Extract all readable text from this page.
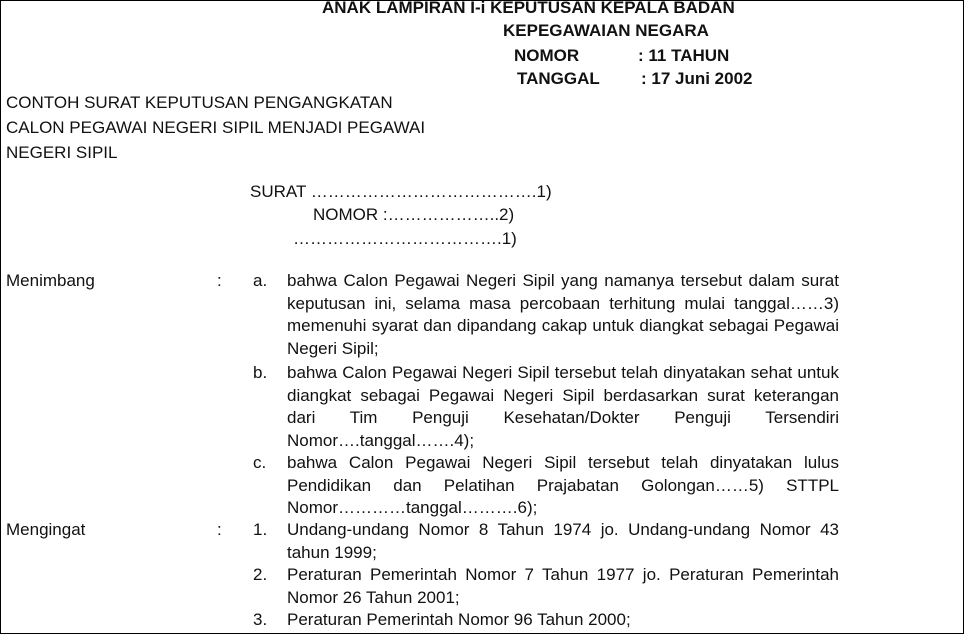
ANAK LAMPIRAN I-i KEPUTUSAN KEPALA BADAN
KEPEGAWAIAN NEGARA
NOMOR	: 11 TAHUN
TANGGAL : 17 Juni 2002
CONTOH SURAT KEPUTUSAN PENGANGKATAN
CALON PEGAWAI NEGERI SIPIL MENJADI PEGAWAI
NEGERI SIPIL
SURAT ………………………………….1)
NOMOR :………………..2)
……………………………….1)
Menimbang	: a. bahwa Calon Pegawai Negeri Sipil yang namanya tersebut dalam surat keputusan ini, selama masa percobaan terhitung mulai tanggal……3) memenuhi syarat dan dipandang cakap untuk diangkat sebagai Pegawai Negeri Sipil;
b. bahwa Calon Pegawai Negeri Sipil tersebut telah dinyatakan sehat untuk diangkat sebagai Pegawai Negeri Sipil berdasarkan surat keterangan dari Tim Penguji Kesehatan/Dokter Penguji Tersendiri Nomor….tanggal…….4);
c. bahwa Calon Pegawai Negeri Sipil tersebut telah dinyatakan lulus Pendidikan dan Pelatihan Prajabatan Golongan……5) STTPL Nomor…………tanggal……….6);
Mengingat	: 1. Undang-undang Nomor 8 Tahun 1974 jo. Undang-undang Nomor 43 tahun 1999;
2. Peraturan Pemerintah Nomor 7 Tahun 1977 jo. Peraturan Pemerintah Nomor 26 Tahun 2001;
3. Peraturan Pemerintah Nomor 96 Tahun 2000;
